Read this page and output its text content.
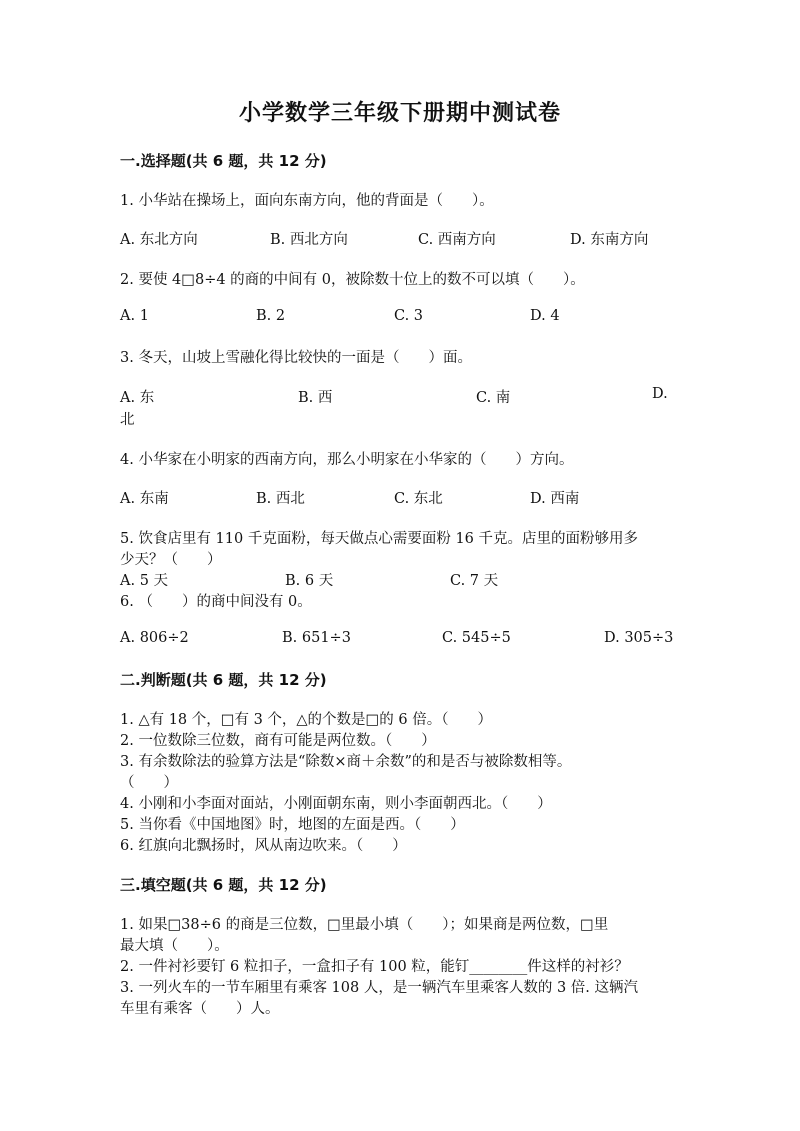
小学数学三年级下册期中测试卷
一.选择题(共 6 题，共 12 分)
1. 小华站在操场上，面向东南方向，他的背面是（　　）。
A. 东北方向	B. 西北方向	C. 西南方向	D. 东南方向
2. 要使 4□8÷4 的商的中间有 0，被除数十位上的数不可以填（　　）。
A. 1	B. 2	C. 3	D. 4
3. 冬天，山坡上雪融化得比较快的一面是（　　）面。
A. 东	B. 西	C. 南	D.
北
4. 小华家在小明家的西南方向，那么小明家在小华家的（　　）方向。
A. 东南	B. 西北	C. 东北	D. 西南
5. 饮食店里有 110 千克面粉，每天做点心需要面粉 16 千克。店里的面粉够用多
少天？（　　）
A. 5 天	B. 6 天	C. 7 天
6. （　　）的商中间没有 0。
A. 806÷2	B. 651÷3	C. 545÷5	D. 305÷3
二.判断题(共 6 题，共 12 分)
1. △有 18 个，□有 3 个，△的个数是□的 6 倍。（　　）
2. 一位数除三位数，商有可能是两位数。（　　）
3. 有余数除法的验算方法是“除数×商＋余数”的和是否与被除数相等。
（　　）
4. 小刚和小李面对面站，小刚面朝东南，则小李面朝西北。（　　）
5. 当你看《中国地图》时，地图的左面是西。（　　）
6. 红旗向北飘扬时，风从南边吹来。（　　）
三.填空题(共 6 题，共 12 分)
1. 如果□38÷6 的商是三位数，□里最小填（　　）；如果商是两位数，□里
最大填（　　）。
2. 一件衬衫要钉 6 粒扣子，一盒扣子有 100 粒，能钉________件这样的衬衫？
3. 一列火车的一节车厢里有乘客 108 人，是一辆汽车里乘客人数的 3 倍. 这辆汽
车里有乘客（　　）人。
